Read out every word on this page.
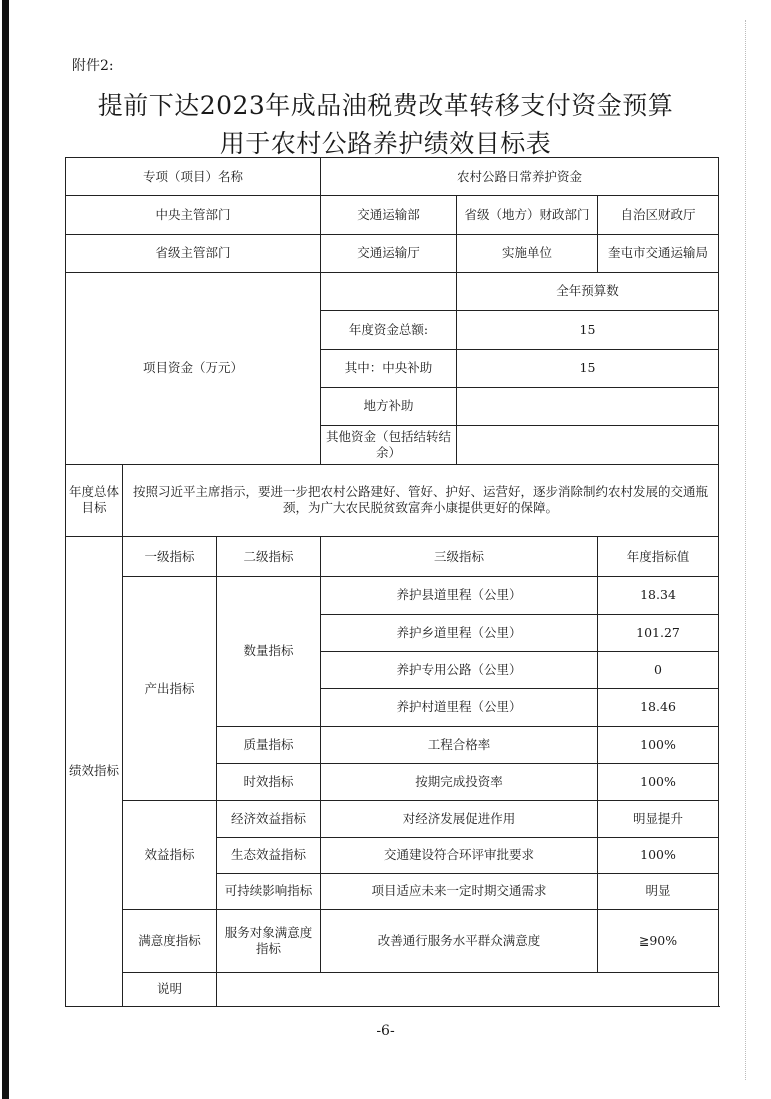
附件2:
提前下达2023年成品油税费改革转移支付资金预算
用于农村公路养护绩效目标表
专项（项目）名称			农村公路日常养护资金		
中央主管部门			交通运输部	省级（地方）财政部门	自治区财政厅
省级主管部门			交通运输厅	实施单位	奎屯市交通运输局
项目资金（万元）				全年预算数	
			年度资金总额:	15	
			其中：中央补助	15	
			地方补助		
			其他资金（包括结转结余）		
年度总体目标	按照习近平主席指示，要进一步把农村公路建好、管好、护好、运营好，逐步消除制约农村发展的交通瓶颈，为广大农民脱贫致富奔小康提供更好的保障。				
绩效指标	一级指标	二级指标	三级指标		年度指标值
	产出指标	数量指标	养护县道里程（公里）		18.34
			养护乡道里程（公里）		101.27
			养护专用公路（公里）		0
			养护村道里程（公里）		18.46
		质量指标	工程合格率		100%
		时效指标	按期完成投资率		100%
	效益指标	经济效益指标	对经济发展促进作用		明显提升
		生态效益指标	交通建设符合环评审批要求		100%
		可持续影响指标	项目适应未来一定时期交通需求		明显
	满意度指标	服务对象满意度指标	改善通行服务水平群众满意度		≧90%
	说明				
-6-
